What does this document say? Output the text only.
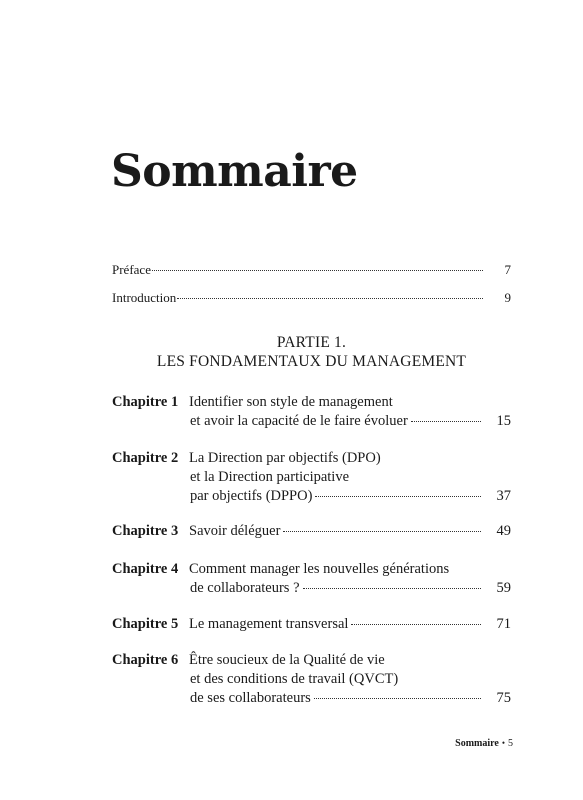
Sommaire
Préface	7
Introduction	9
PARTIE 1.
LES FONDAMENTAUX DU MANAGEMENT
Chapitre 1 Identifier son style de management
et avoir la capacité de le faire évoluer	15
Chapitre 2 La Direction par objectifs (DPO)
et la Direction participative
par objectifs (DPPO)	37
Chapitre 3 Savoir déléguer	49
Chapitre 4 Comment manager les nouvelles générations
de collaborateurs ?	59
Chapitre 5 Le management transversal	71
Chapitre 6 Être soucieux de la Qualité de vie
et des conditions de travail (QVCT)
de ses collaborateurs	75
Sommaire • 5
